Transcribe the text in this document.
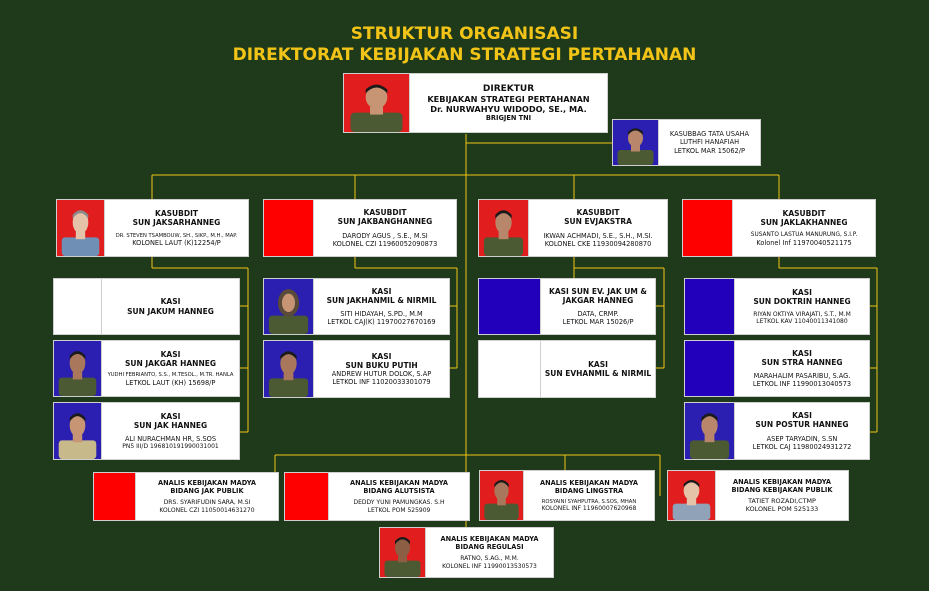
STRUKTUR ORGANISASI
DIREKTORAT KEBIJAKAN STRATEGI PERTAHANAN
DIREKTUR
KEBIJAKAN STRATEGI PERTAHANAN
Dr. NURWAHYU WIDODO, SE., MA.
BRIGJEN TNI
KASUBBAG TATA USAHA
LUTHFI HANAFIAH
LETKOL MAR 15062/P
KASUBDIT
SUN JAKSARHANNEG
DR. STEVEN TSAMBOUW, SH., SIKP., M.H., MAP.
KOLONEL LAUT (K)12254/P
KASUBDIT
SUN JAKBANGHANNEG
DARODY AGUS , S.E., M.SI
KOLONEL CZI 11960052090873
KASUBDIT
SUN EVJAKSTRA
IKWAN ACHMADI, S.E., S.H., M.SI.
KOLONEL CKE 11930094280870
KASUBDIT
SUN JAKLAKHANNEG
SUSANTO LASTUA MANURUNG, S.I.P.
Kolonel Inf 11970040521175
KASI
SUN JAKUM HANNEG
KASI
SUN JAKGAR HANNEG
YUDHI FEBRIANTO, S.S., M.TESOL., M.TR. HANLA
LETKOL LAUT (KH) 15698/P
KASI
SUN JAK HANNEG
ALI NURACHMAN HR, S.SOS
PN5 III/D 196810191990031001
KASI
SUN JAKHANMIL & NIRMIL
SITI HIDAYAH, S.PD., M.M
LETKOL CAJ(K) 11970027670169
KASI
SUN BUKU PUTIH
ANDREW HUTUR DOLOK, S.AP
LETKOL INF 11020033301079
KASI SUN EV. JAK UM &
JAKGAR HANNEG
DATA, CRMP.
LETKOL MAR 15026/P
KASI
SUN EVHANMIL & NIRMIL
KASI
SUN DOKTRIN HANNEG
RIYAN OKTIYA VIRAJATI, S.T., M.M
LETKOL KAV 11040011341080
KASI
SUN STRA HANNEG
MARAHALIM PASARIBU, S.AG.
LETKOL INF 11990013040573
KASI
SUN POSTUR HANNEG
ASEP TARYADIN, S.SN
LETKOL CAJ 11980024931272
ANALIS KEBIJAKAN MADYA
BIDANG JAK PUBLIK
DRS. SYARIFUDIN SARA, M.SI
KOLONEL CZI 11050014631270
ANALIS KEBIJAKAN MADYA
BIDANG ALUTSISTA
DEDDY YUNI PAMUNGKAS. S.H
LETKOL POM 525909
ANALIS KEBIJAKAN MADYA
BIDANG LINGSTRA
ROSYAINI SYAHPUTRA, S.SOS, MHAN
KOLONEL INF 11960007620968
ANALIS KEBIJAKAN MADYA
BIDANG KEBIJAKAN PUBLIK
TATIET ROZADI,CTMP
KOLONEL POM 525133
ANALIS KEBIJAKAN MADYA
BIDANG REGULASI
RATNO, S.AG., M.M.
KOLONEL INF 11990013530573
